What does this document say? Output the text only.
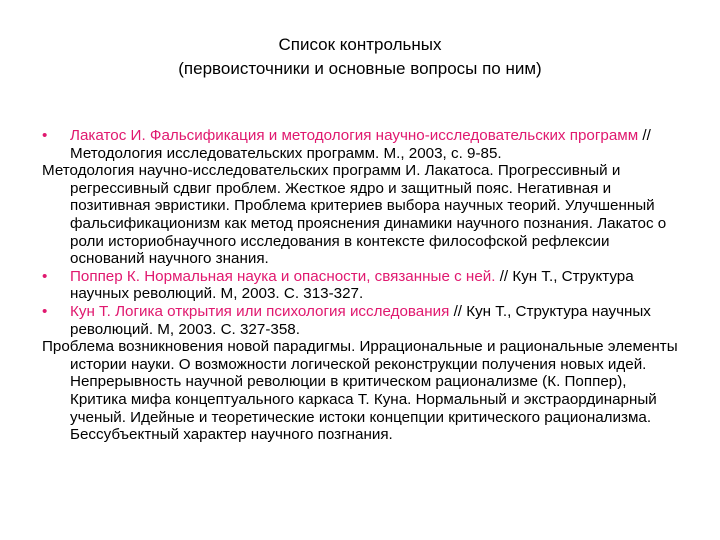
Список контрольных
(первоисточники и основные вопросы по ним)
• Лакатос И. Фальсификация и методология научно-исследовательских программ //Методология исследовательских программ. М., 2003, с. 9-85.
Методология научно-исследовательских программ И. Лакатоса. Прогрессивный и регрессивный сдвиг проблем. Жесткое ядро и защитный пояс. Негативная и позитивная эвристики. Проблема критериев выбора научных теорий. Улучшенный фальсификационизм как метод прояснения динамики научного познания. Лакатос о роли историобнаучного исследования в контексте философской рефлексии оснований научного знания.
• Поппер К. Нормальная наука и опасности, связанные с ней. // Кун Т., Структура научных революций. М, 2003. С. 313-327.
• Кун Т. Логика открытия или психология исследования // Кун Т., Структура научных революций. М, 2003. С. 327-358.
Проблема возникновения новой парадигмы. Иррациональные и рациональные элементы истории науки. О возможности логической реконструкции получения новых идей. Непрерывность научной революции в критическом рационализме (К. Поппер), Критика мифа концептуального каркаса Т. Куна. Нормальный и экстраординарный ученый. Идейные и теоретические истоки концепции критического рационализма. Бессубъектный характер научного позгнания.
